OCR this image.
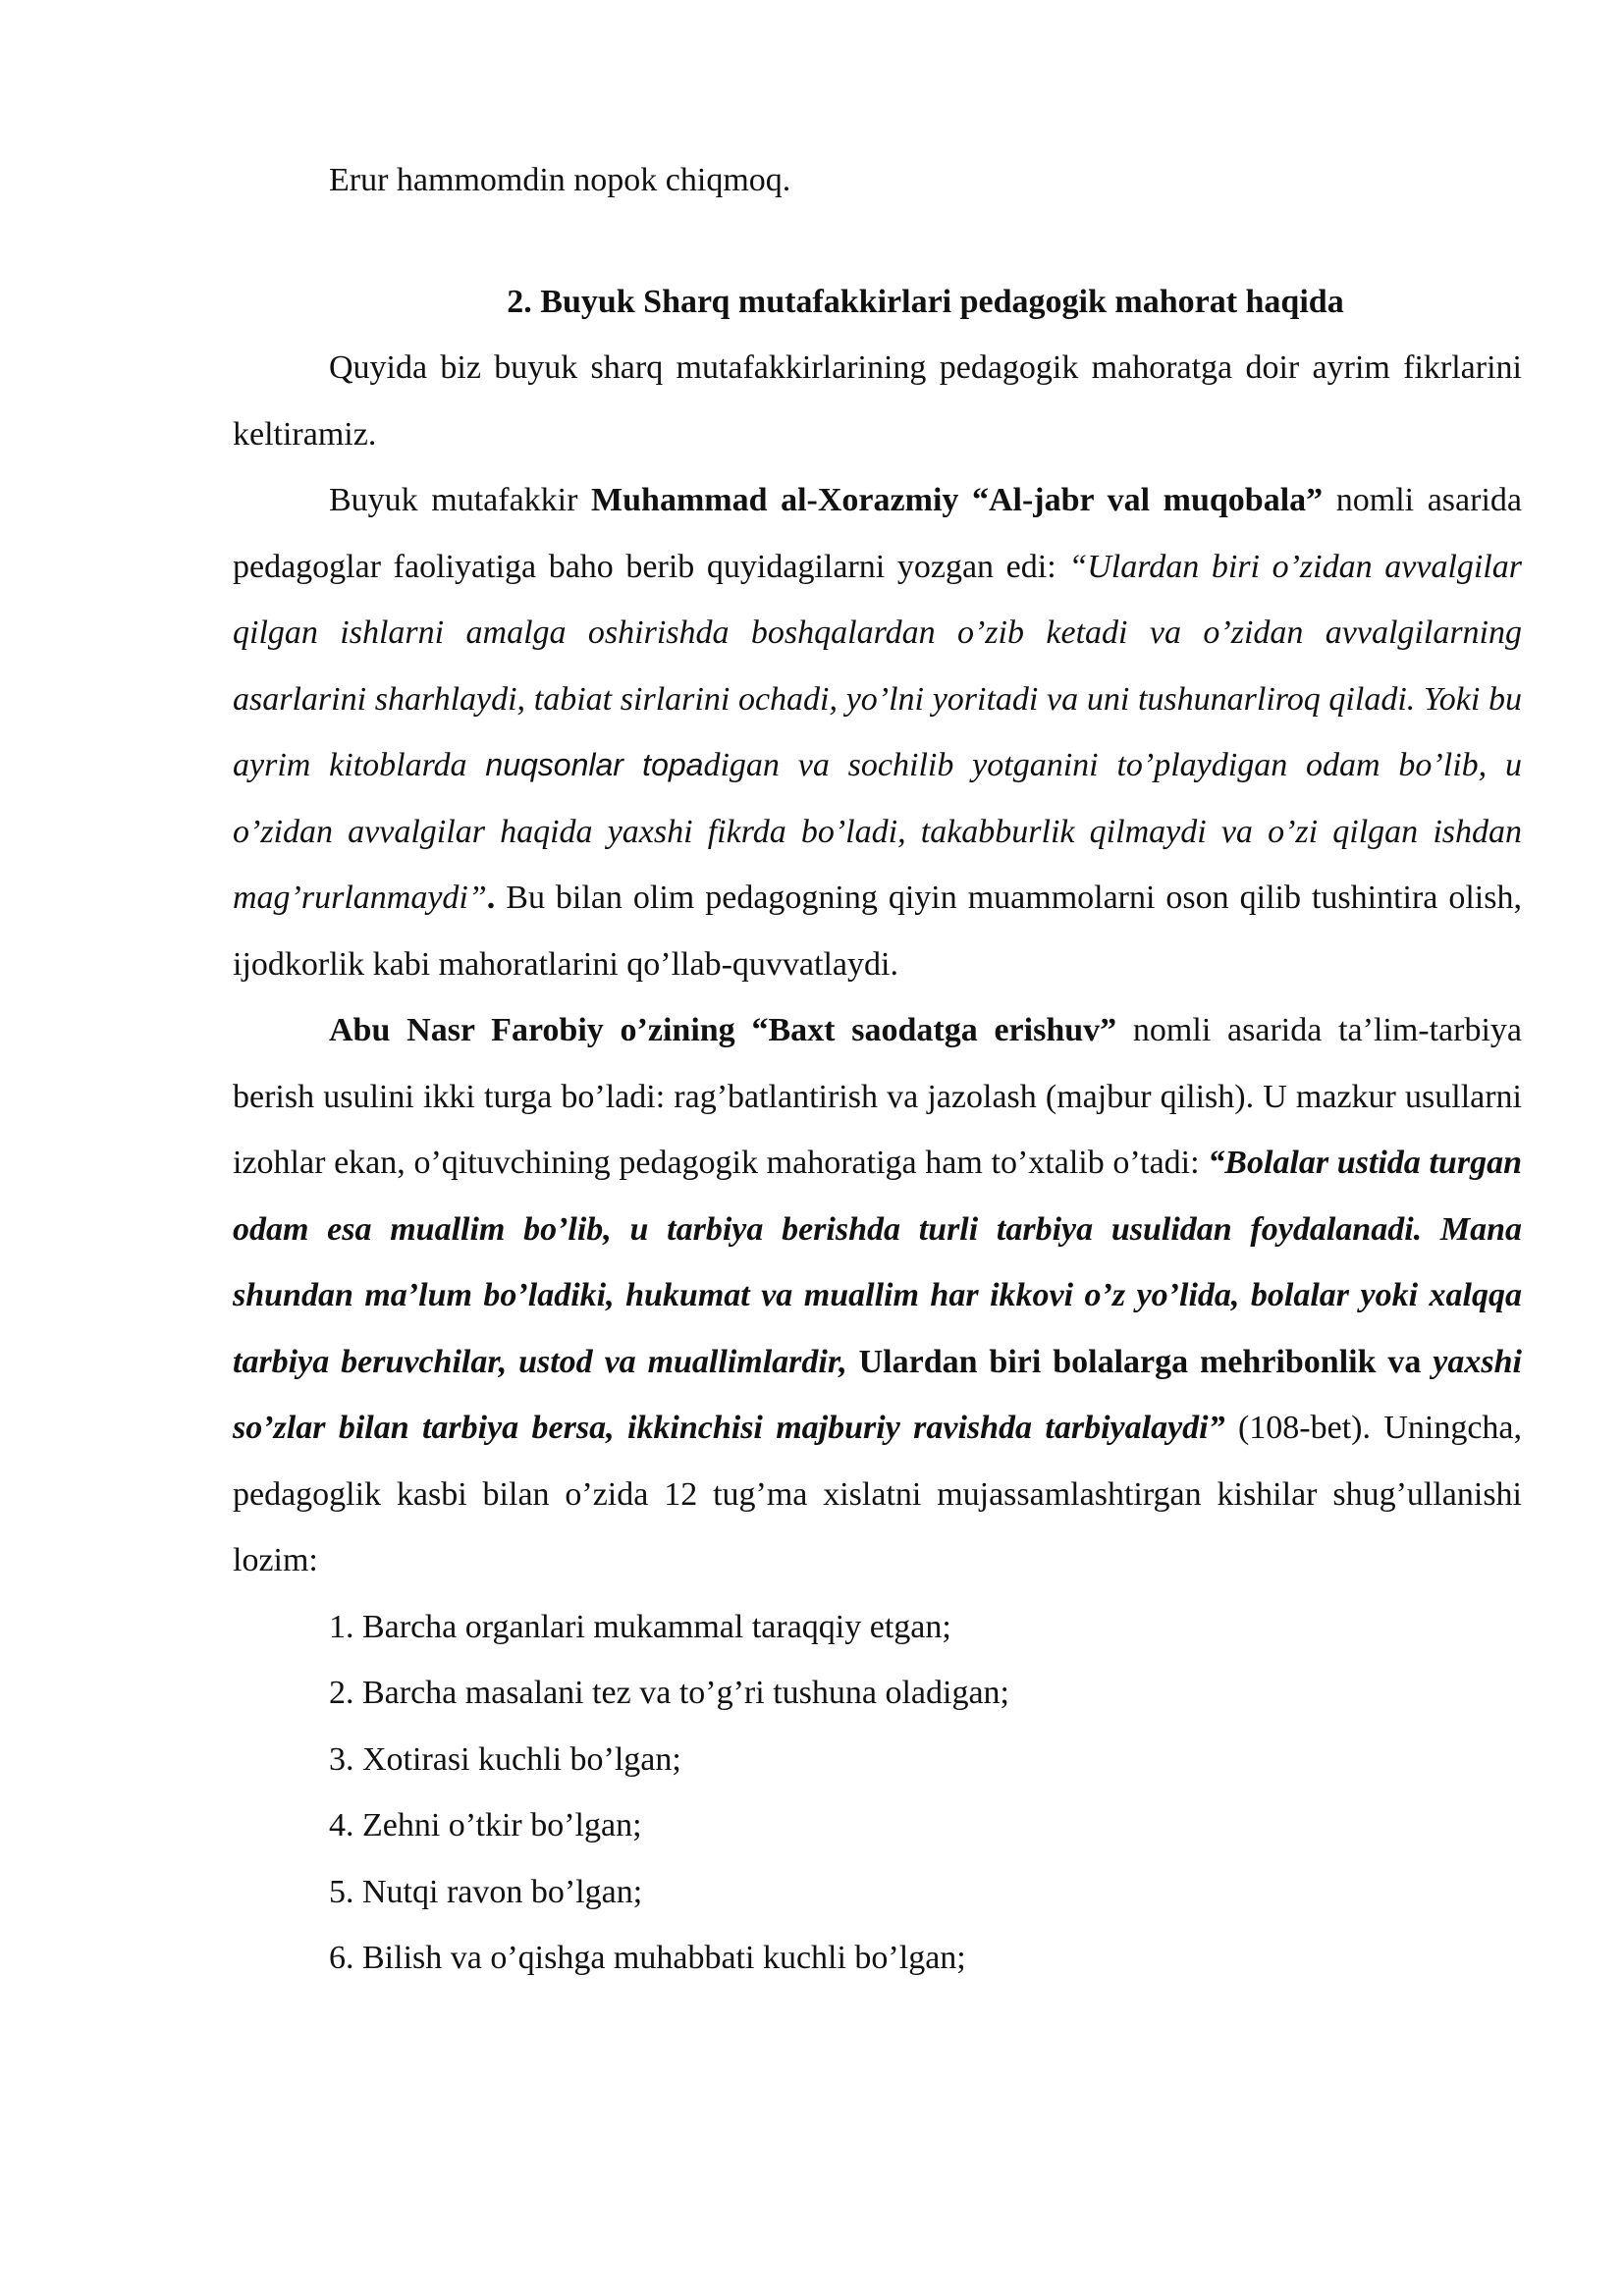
Erur hammomdin nopok chiqmoq.
2. Buyuk Sharq mutafakkirlari pedagogik mahorat haqida
Quyida biz buyuk sharq mutafakkirlarining pedagogik mahoratga doir ayrim fikrlarini keltiramiz.
Buyuk mutafakkir Muhammad al-Xorazmiy “Al-jabr val muqobala” nomli asarida pedagoglar faoliyatiga baho berib quyidagilarni yozgan edi: “Ulardan biri o’zidan avvalgilar qilgan ishlarni amalga oshirishda boshqalardan o’zib ketadi va o’zidan avvalgilarning asarlarini sharhlaydi, tabiat sirlarini ochadi, yo’lni yoritadi va uni tushunarliroq qiladi. Yoki bu ayrim kitoblarda nuqsonlar topadigan va sochilib yotganini to’playdigan odam bo’lib, u o’zidan avvalgilar haqida yaxshi fikrda bo’ladi, takabburlik qilmaydi va o’zi qilgan ishdan mag’rurlanmaydi”. Bu bilan olim pedagogning qiyin muammolarni oson qilib tushintira olish, ijodkorlik kabi mahoratlarini qo’llab-quvvatlaydi.
Abu Nasr Farobiy o’zining “Baxt saodatga erishuv” nomli asarida ta’lim-tarbiya berish usulini ikki turga bo’ladi: rag’batlantirish va jazolash (majbur qilish). U mazkur usullarni izohlar ekan, o’qituvchining pedagogik mahoratiga ham to’xtalib o’tadi: “Bolalar ustida turgan odam esa muallim bo’lib, u tarbiya berishda turli tarbiya usulidan foydalanadi. Mana shundan ma’lum bo’ladiki, hukumat va muallim har ikkovi o’z yo’lida, bolalar yoki xalqqa tarbiya beruvchilar, ustod va muallimlardir, Ulardan biri bolalarga mehribonlik va yaxshi so’zlar bilan tarbiya bersa, ikkinchisi majburiy ravishda tarbiyalaydi” (108-bet). Uningcha, pedagoglik kasbi bilan o’zida 12 tug’ma xislatni mujassamlashtirgan kishilar shug’ullanishi lozim:
1. Barcha organlari mukammal taraqqiy etgan;
2. Barcha masalani tez va to’g’ri tushuna oladigan;
3. Xotirasi kuchli bo’lgan;
4. Zehni o’tkir bo’lgan;
5. Nutqi ravon bo’lgan;
6. Bilish va o’qishga muhabbati kuchli bo’lgan;
